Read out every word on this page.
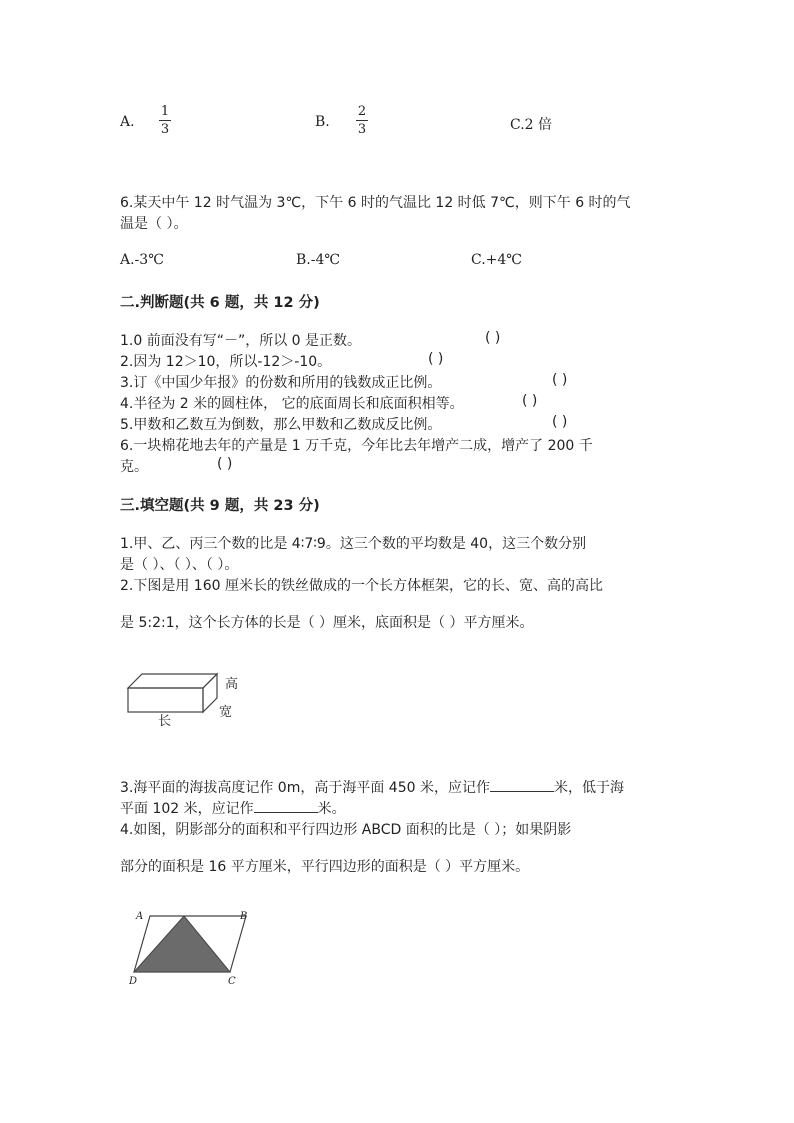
A.
1
3	B.
2
3	C.2 倍
6.某天中午 12 时气温为 3℃，下午 6 时的气温比 12 时低 7℃，则下午 6 时的气
温是（ ）。
A.-3℃	B.-4℃	C.+4℃
二.判断题(共 6 题，共 12 分)
1.0 前面没有写“－”，所以 0 是正数。	( )
2.因为 12＞10，所以-12＞-10。	( )
3.订《中国少年报》的份数和所用的钱数成正比例。	( )
4.半径为 2 米的圆柱体， 它的底面周长和底面积相等。	( )
5.甲数和乙数互为倒数，那么甲数和乙数成反比例。	( )
6.一块棉花地去年的产量是 1 万千克，今年比去年增产二成，增产了 200 千
克。	( )
三.填空题(共 9 题，共 23 分)
1.甲、乙、丙三个数的比是 4∶7∶9。这三个数的平均数是 40，这三个数分别
是（ ）、（ ）、（ ）。
2.下图是用 160 厘米长的铁丝做成的一个长方体框架，它的长、宽、高的高比
是 5:2:1，这个长方体的长是（ ）厘米，底面积是（ ）平方厘米。
高
宽
长
3.海平面的海拔高度记作 0m，高于海平面 450 米，应记作	米，低于海
平面 102 米，应记作	米。
4.如图，阴影部分的面积和平行四边形 ABCD 面积的比是（ ）；如果阴影
部分的面积是 16 平方厘米，平行四边形的面积是（ ）平方厘米。
A	B
C
D
